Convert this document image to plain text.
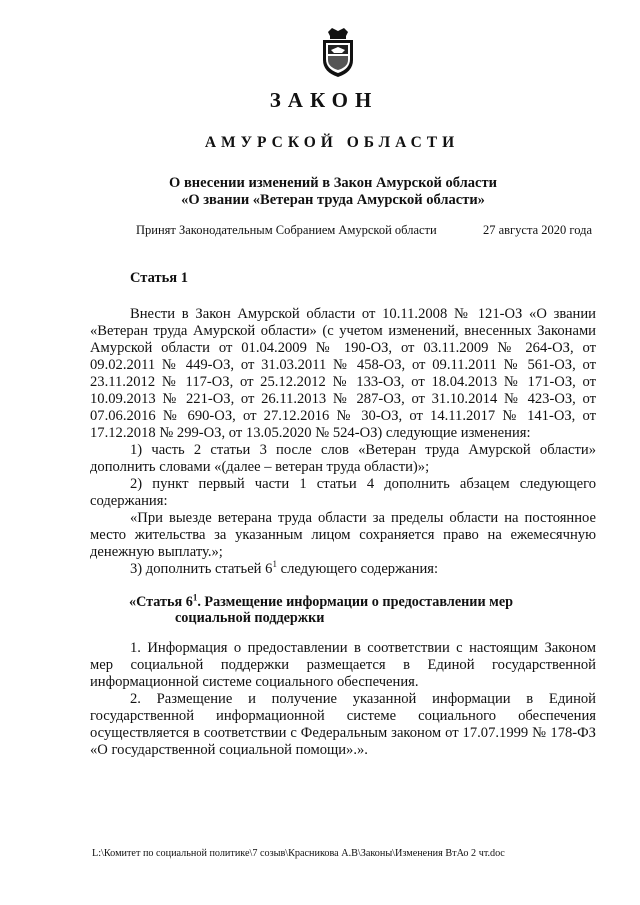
ЗАКОН
АМУРСКОЙ ОБЛАСТИ
О внесении изменений в Закон Амурской области
«О звании «Ветеран труда Амурской области»
Принят Законодательным Собранием Амурской области	27 августа 2020 года
Статья 1

Внести в Закон Амурской области от 10.11.2008 № 121-ОЗ «О звании «Ветеран труда Амурской области» (с учетом изменений, внесенных Законами Амурской области от 01.04.2009 № 190-ОЗ, от 03.11.2009 № 264-ОЗ, от 09.02.2011 № 449-ОЗ, от 31.03.2011 № 458-ОЗ, от 09.11.2011 № 561-ОЗ, от 23.11.2012 № 117-ОЗ, от 25.12.2012 № 133-ОЗ, от 18.04.2013 № 171-ОЗ, от 10.09.2013 № 221-ОЗ, от 26.11.2013 № 287-ОЗ, от 31.10.2014 № 423-ОЗ, от 07.06.2016 № 690-ОЗ, от 27.12.2016 № 30-ОЗ, от 14.11.2017 № 141-ОЗ, от 17.12.2018 № 299-ОЗ, от 13.05.2020 № 524-ОЗ) следующие изменения:

1) часть 2 статьи 3 после слов «Ветеран труда Амурской области» дополнить словами «(далее – ветеран труда области)»;

2) пункт первый части 1 статьи 4 дополнить абзацем следующего содержания:

«При выезде ветерана труда области за пределы области на постоянное место жительства за указанным лицом сохраняется право на ежемесячную денежную выплату.»;

3) дополнить статьей $6^1$ следующего содержания:

«Статья $6^1$. Размещение информации о предоставлении мер
социальной поддержки

1. Информация о предоставлении в соответствии с настоящим Законом мер социальной поддержки размещается в Единой государственной информационной системе социального обеспечения.

2. Размещение и получение указанной информации в Единой государственной информационной системе социального обеспечения осуществляется в соответствии с Федеральным законом от 17.07.1999 № 178-ФЗ «О государственной социальной помощи».».

L:\Комитет по социальной политике\7 созыв\Красникова А.В\Законы\Изменения ВтАо 2 чт.doc
